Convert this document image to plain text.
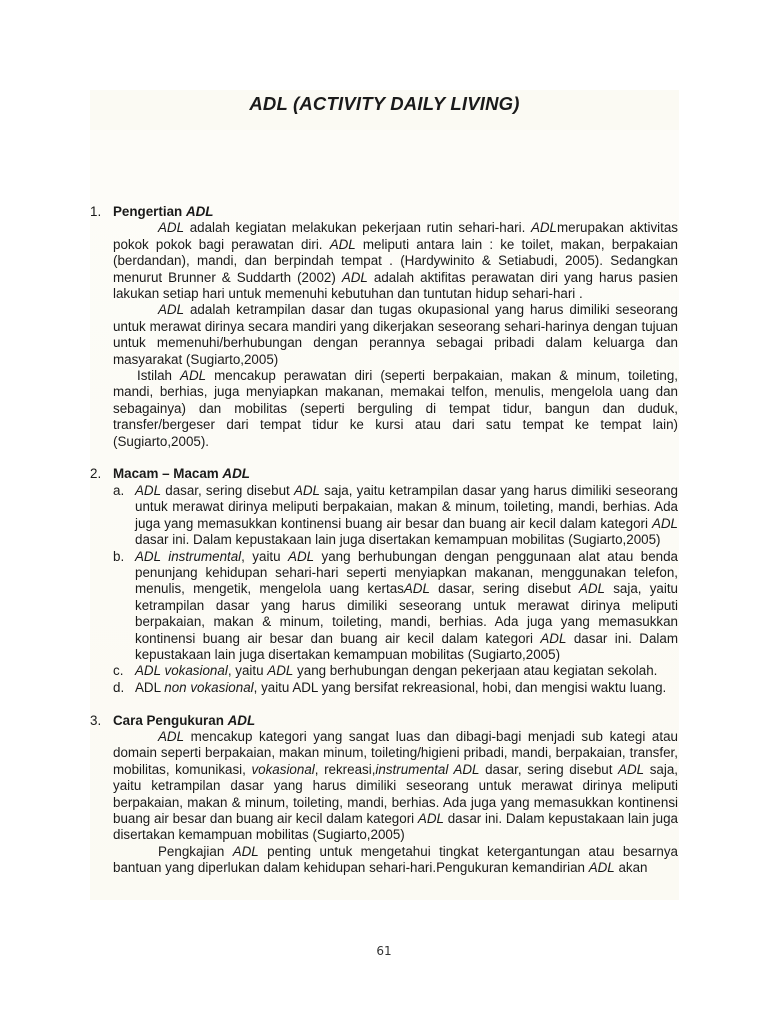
ADL (ACTIVITY DAILY LIVING)
1. Pengertian ADL
ADL adalah kegiatan melakukan pekerjaan rutin sehari-hari. ADLmerupakan aktivitas pokok pokok bagi perawatan diri. ADL meliputi antara lain : ke toilet, makan, berpakaian (berdandan), mandi, dan berpindah tempat . (Hardywinito & Setiabudi, 2005). Sedangkan menurut Brunner & Suddarth (2002) ADL adalah aktifitas perawatan diri yang harus pasien lakukan setiap hari untuk memenuhi kebutuhan dan tuntutan hidup sehari-hari .
ADL adalah ketrampilan dasar dan tugas okupasional yang harus dimiliki seseorang untuk merawat dirinya secara mandiri yang dikerjakan seseorang sehari-harinya dengan tujuan untuk memenuhi/berhubungan dengan perannya sebagai pribadi dalam keluarga dan masyarakat (Sugiarto,2005)
Istilah ADL mencakup perawatan diri (seperti berpakaian, makan & minum, toileting, mandi, berhias, juga menyiapkan makanan, memakai telfon, menulis, mengelola uang dan sebagainya) dan mobilitas (seperti berguling di tempat tidur, bangun dan duduk, transfer/bergeser dari tempat tidur ke kursi atau dari satu tempat ke tempat lain) (Sugiarto,2005).
2. Macam – Macam ADL
a. ADL dasar, sering disebut ADL saja, yaitu ketrampilan dasar yang harus dimiliki seseorang untuk merawat dirinya meliputi berpakaian, makan & minum, toileting, mandi, berhias. Ada juga yang memasukkan kontinensi buang air besar dan buang air kecil dalam kategori ADL dasar ini. Dalam kepustakaan lain juga disertakan kemampuan mobilitas (Sugiarto,2005)
b. ADL instrumental, yaitu ADL yang berhubungan dengan penggunaan alat atau benda penunjang kehidupan sehari-hari seperti menyiapkan makanan, menggunakan telefon, menulis, mengetik, mengelola uang kertasADL dasar, sering disebut ADL saja, yaitu ketrampilan dasar yang harus dimiliki seseorang untuk merawat dirinya meliputi berpakaian, makan & minum, toileting, mandi, berhias. Ada juga yang memasukkan kontinensi buang air besar dan buang air kecil dalam kategori ADL dasar ini. Dalam kepustakaan lain juga disertakan kemampuan mobilitas (Sugiarto,2005)
c. ADL vokasional, yaitu ADL yang berhubungan dengan pekerjaan atau kegiatan sekolah.
d. ADL non vokasional, yaitu ADL yang bersifat rekreasional, hobi, dan mengisi waktu luang.
3. Cara Pengukuran ADL
ADL mencakup kategori yang sangat luas dan dibagi-bagi menjadi sub kategi atau domain seperti berpakaian, makan minum, toileting/higieni pribadi, mandi, berpakaian, transfer, mobilitas, komunikasi, vokasional, rekreasi,instrumental ADL dasar, sering disebut ADL saja, yaitu ketrampilan dasar yang harus dimiliki seseorang untuk merawat dirinya meliputi berpakaian, makan & minum, toileting, mandi, berhias. Ada juga yang memasukkan kontinensi buang air besar dan buang air kecil dalam kategori ADL dasar ini. Dalam kepustakaan lain juga disertakan kemampuan mobilitas (Sugiarto,2005)
Pengkajian ADL penting untuk mengetahui tingkat ketergantungan atau besarnya bantuan yang diperlukan dalam kehidupan sehari-hari.Pengukuran kemandirian ADL akan
61
